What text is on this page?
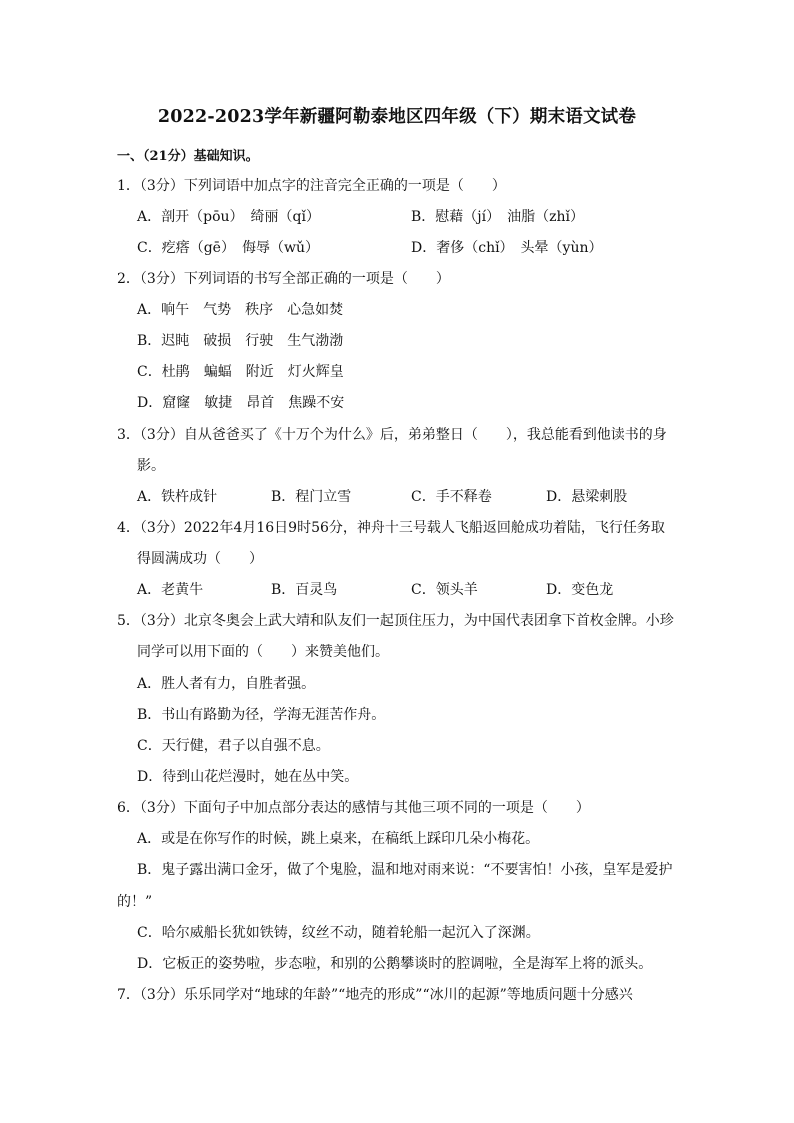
2022-2023学年新疆阿勒泰地区四年级（下）期末语文试卷
一、（21分）基础知识。
1．（3分）下列词语中加点字的注音完全正确的一项是（　　）
A．剖开（pōu）　绮丽（qǐ）	B．慰藉（jí）　油脂（zhǐ）
C．疙瘩（gē）　侮辱（wǔ）	D．奢侈（chǐ）　头晕（yùn）
2．（3分）下列词语的书写全部正确的一项是（　　）
A．响午　气势　秩序　心急如焚
B．迟盹　破损　行驶　生气渤渤
C．杜鹃　蝙蝠　附近　灯火辉皇
D．窟窿　敏捷　昂首　焦躁不安
3．（3分）自从爸爸买了《十万个为什么》后，弟弟整日（　　），我总能看到他读书的身
影。
A．铁杵成针	B．程门立雪	C．手不释卷	D．悬梁刺股
4．（3分）2022年4月16日9时56分，神舟十三号载人飞船返回舱成功着陆，飞行任务取
得圆满成功（　　）
A．老黄牛	B．百灵鸟	C．领头羊	D．变色龙
5．（3分）北京冬奥会上武大靖和队友们一起顶住压力，为中国代表团拿下首枚金牌。小珍
同学可以用下面的（　　）来赞美他们。
A．胜人者有力，自胜者强。
B．书山有路勤为径，学海无涯苦作舟。
C．天行健，君子以自强不息。
D．待到山花烂漫时，她在丛中笑。
6．（3分）下面句子中加点部分表达的感情与其他三项不同的一项是（　　）
A．或是在你写作的时候，跳上桌来，在稿纸上踩印几朵小梅花。
B．鬼子露出满口金牙，做了个鬼脸，温和地对雨来说：“不要害怕！小孩，皇军是爱护
的！”
C．哈尔威船长犹如铁铸，纹丝不动，随着轮船一起沉入了深渊。
D．它板正的姿势啦，步态啦，和别的公鹅攀谈时的腔调啦，全是海军上将的派头。
7．（3分）乐乐同学对“地球的年龄”“地壳的形成”“冰川的起源”等地质问题十分感兴
